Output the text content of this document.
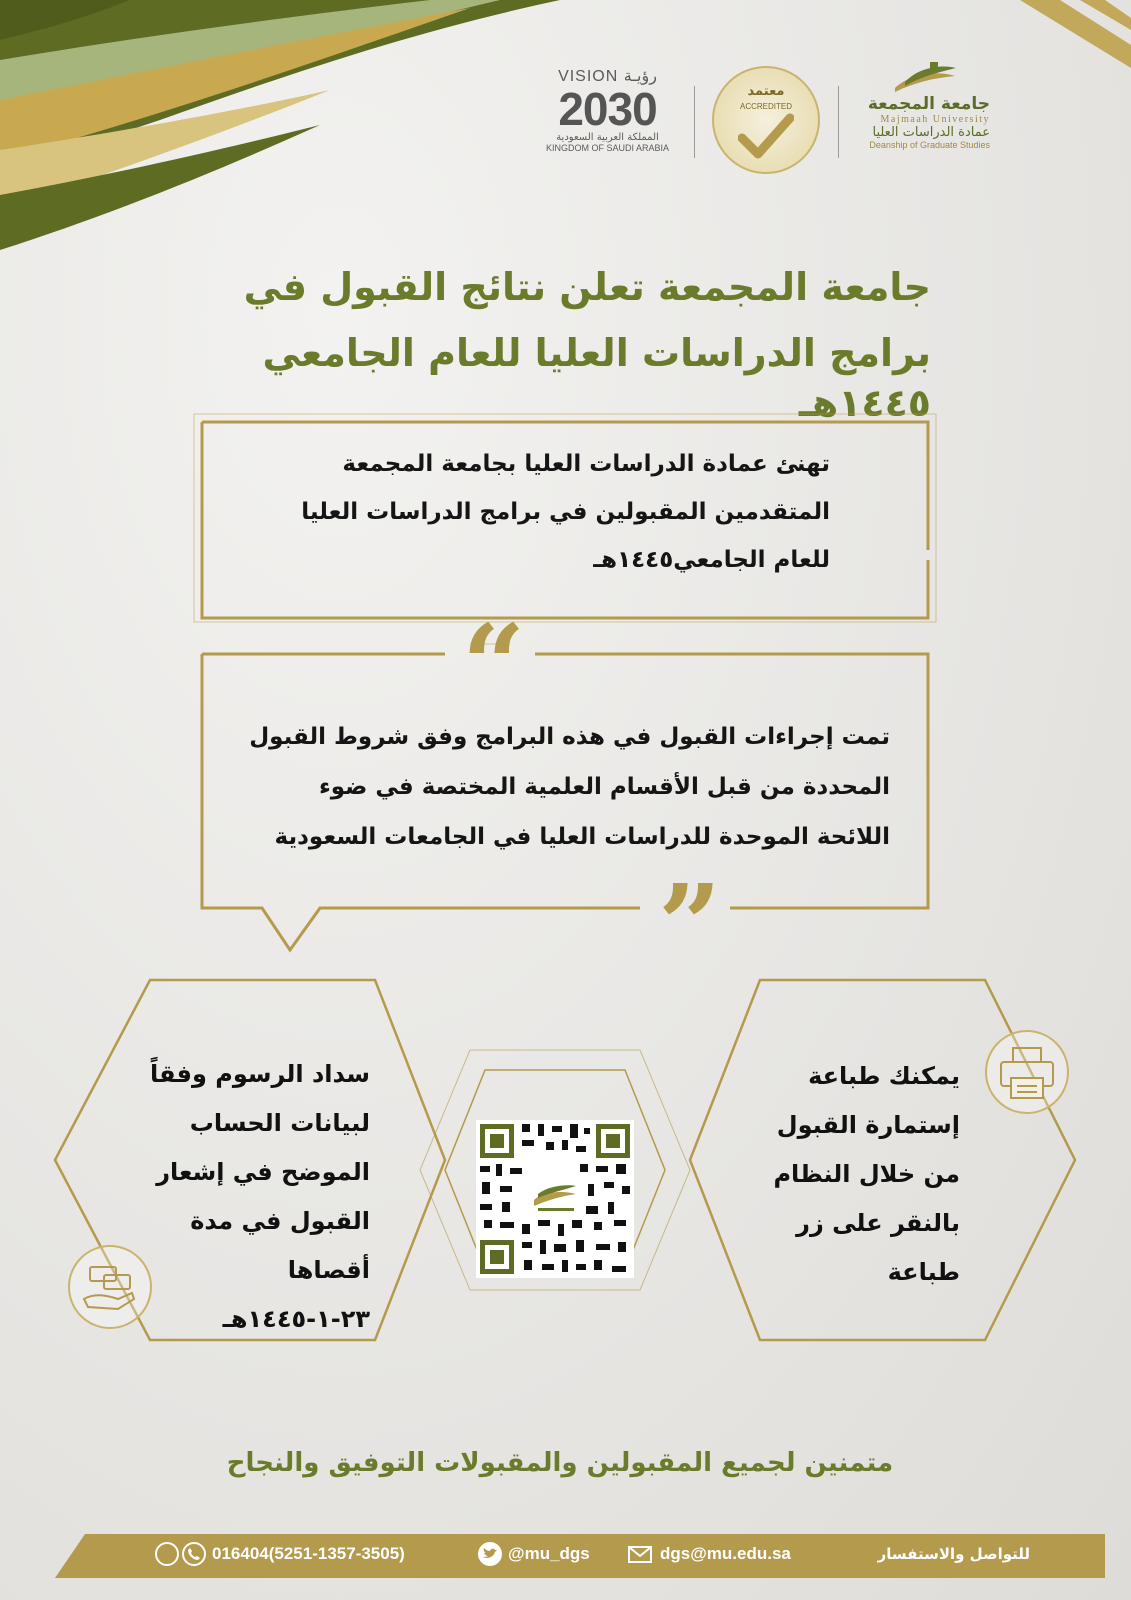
VISION رؤيـة
2030
المملكة العربية السعودية
KINGDOM OF SAUDI ARABIA
معتمد
ACCREDITED	جامعة المجمعة
Majmaah University
عمادة الدراسات العليا
Deanship of Graduate Studies
جامعة المجمعة تعلن نتائج القبول في
برامج الدراسات العليا للعام الجامعي ١٤٤٥هـ
تهنئ عمادة الدراسات العليا بجامعة المجمعة
المتقدمين المقبولين في برامج الدراسات العليا
للعام الجامعي١٤٤٥هـ
“
”
تمت إجراءات القبول في هذه البرامج وفق شروط القبول
المحددة من قبل الأقسام العلمية المختصة في ضوء
اللائحة الموحدة للدراسات العليا في الجامعات السعودية
سداد الرسوم وفقاً
لبيانات الحساب
الموضح في إشعار
القبول في مدة
أقصاها
٢٣-١-١٤٤٥هـ
يمكنك طباعة
إستمارة القبول
من خلال النظام
بالنقر على زر
طباعة
متمنين لجميع المقبولين والمقبولات التوفيق والنجاح
للتواصل والاستفسار
dgs@mu.edu.sa
@mu_dgs
016404(5251-1357-3505)
